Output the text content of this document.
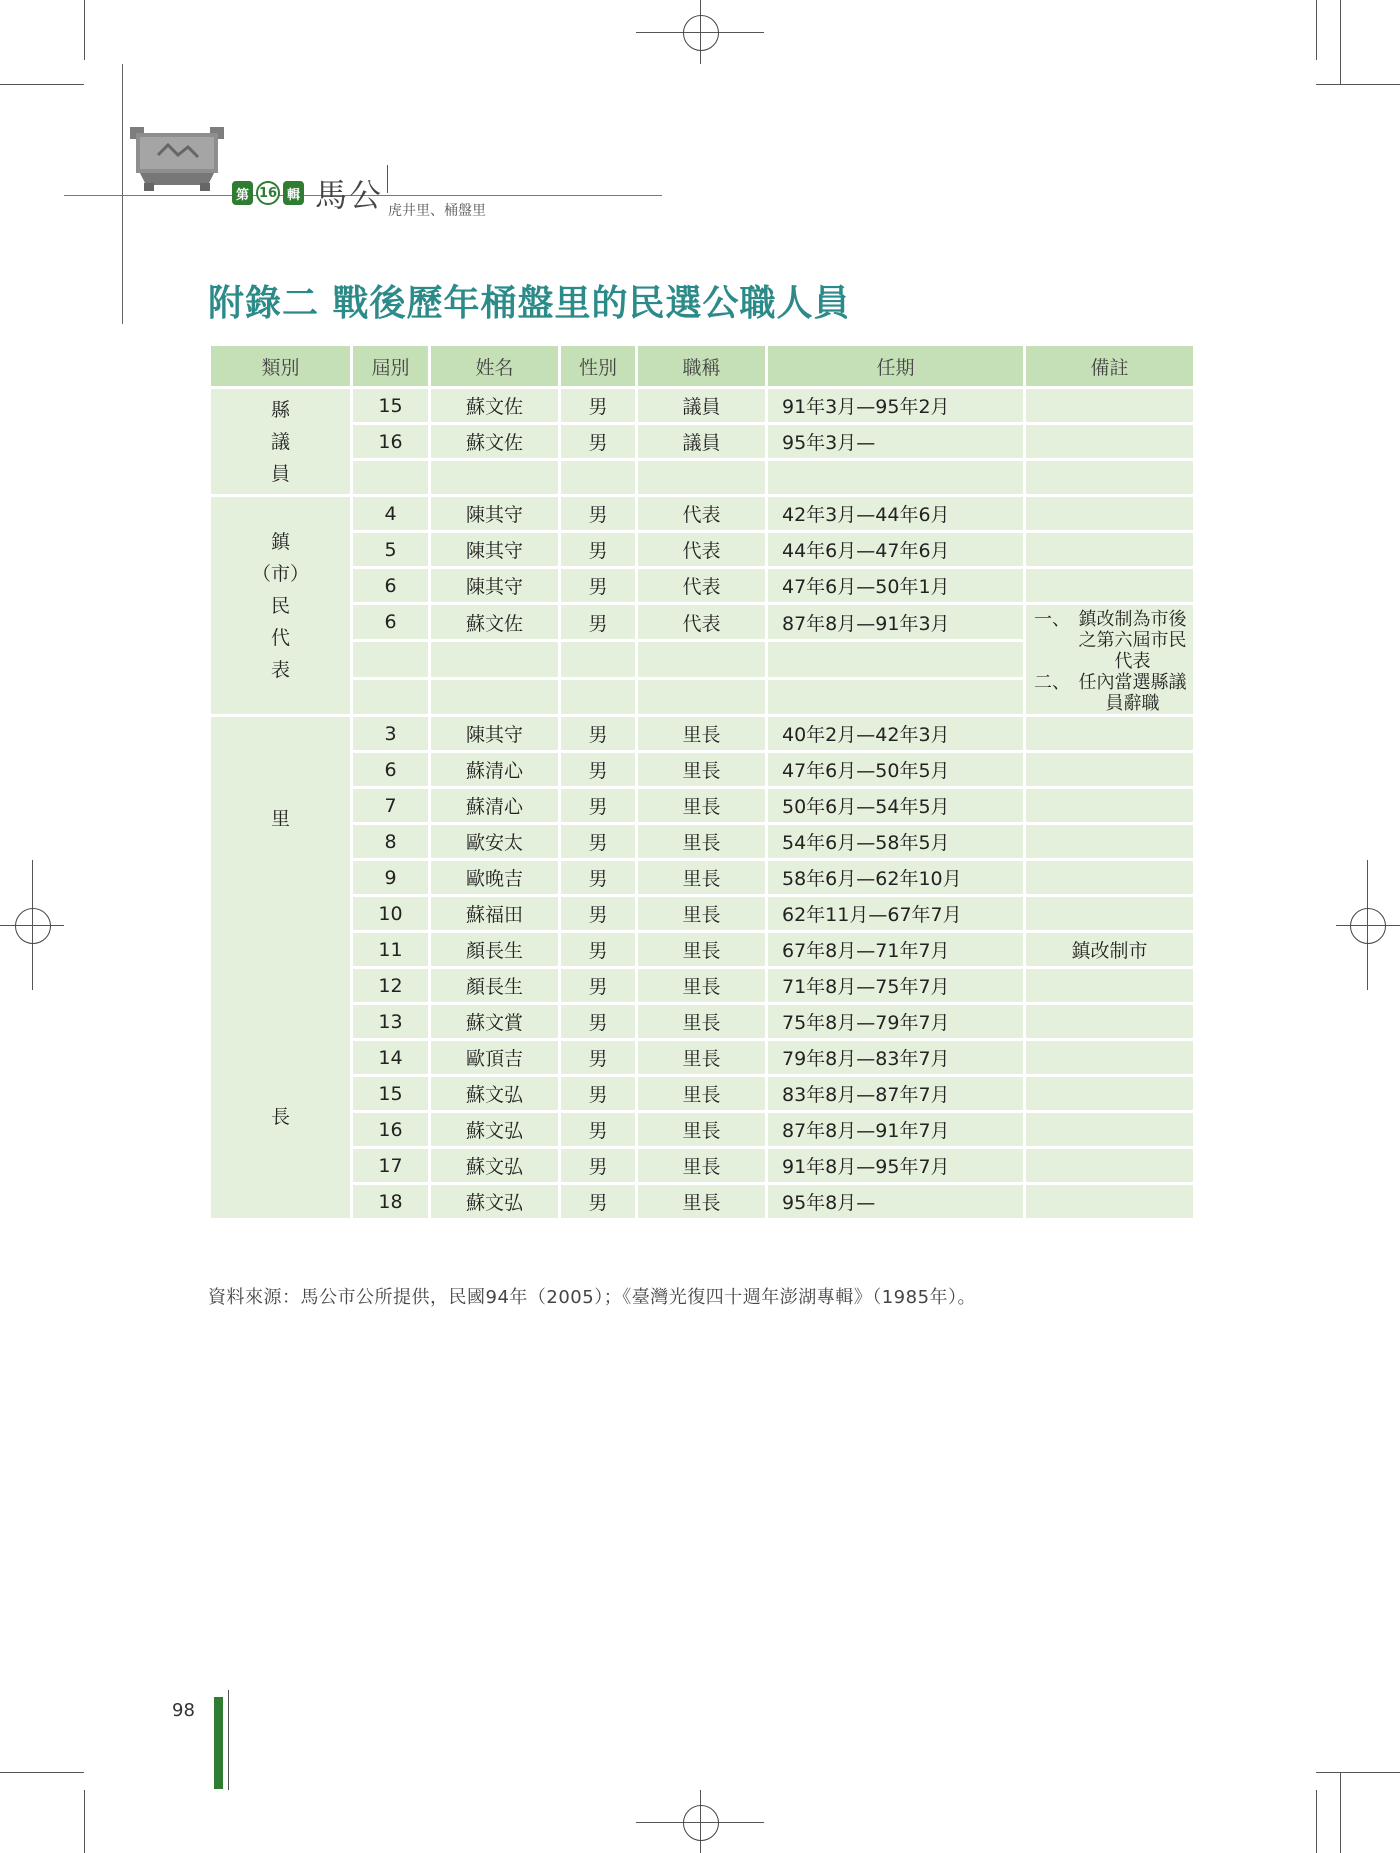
第 16 輯 馬公 虎井里、桶盤里
附錄二 戰後歷年桶盤里的民選公職人員
類別	屆別	姓名	性別	職稱	任期	備註

縣
議
員	15	蘇文佐	男	議員	91年3月—95年2月	
	16	蘇文佐	男	議員	95年3月—	

鎮
（市）
民
代
表	4	陳其守	男	代表	42年3月—44年6月	
	5	陳其守	男	代表	44年6月—47年6月	
	6	陳其守	男	代表	47年6月—50年1月	
	6	蘇文佐	男	代表	87年8月—91年3月	一、 鎮改制為市後之第六屆市民代表
二、 任內當選縣議員辭職

里
長	3	陳其守	男	里長	40年2月—42年3月	
	6	蘇清心	男	里長	47年6月—50年5月	
	7	蘇清心	男	里長	50年6月—54年5月	
	8	歐安太	男	里長	54年6月—58年5月	
	9	歐晚吉	男	里長	58年6月—62年10月	
	10	蘇福田	男	里長	62年11月—67年7月	
	11	顏長生	男	里長	67年8月—71年7月	鎮改制市
	12	顏長生	男	里長	71年8月—75年7月	
	13	蘇文賞	男	里長	75年8月—79年7月	
	14	歐頂吉	男	里長	79年8月—83年7月	
	15	蘇文弘	男	里長	83年8月—87年7月	
	16	蘇文弘	男	里長	87年8月—91年7月	
	17	蘇文弘	男	里長	91年8月—95年7月	
	18	蘇文弘	男	里長	95年8月—	
資料來源：馬公市公所提供，民國94年（2005）；《臺灣光復四十週年澎湖專輯》（1985年）。
98
